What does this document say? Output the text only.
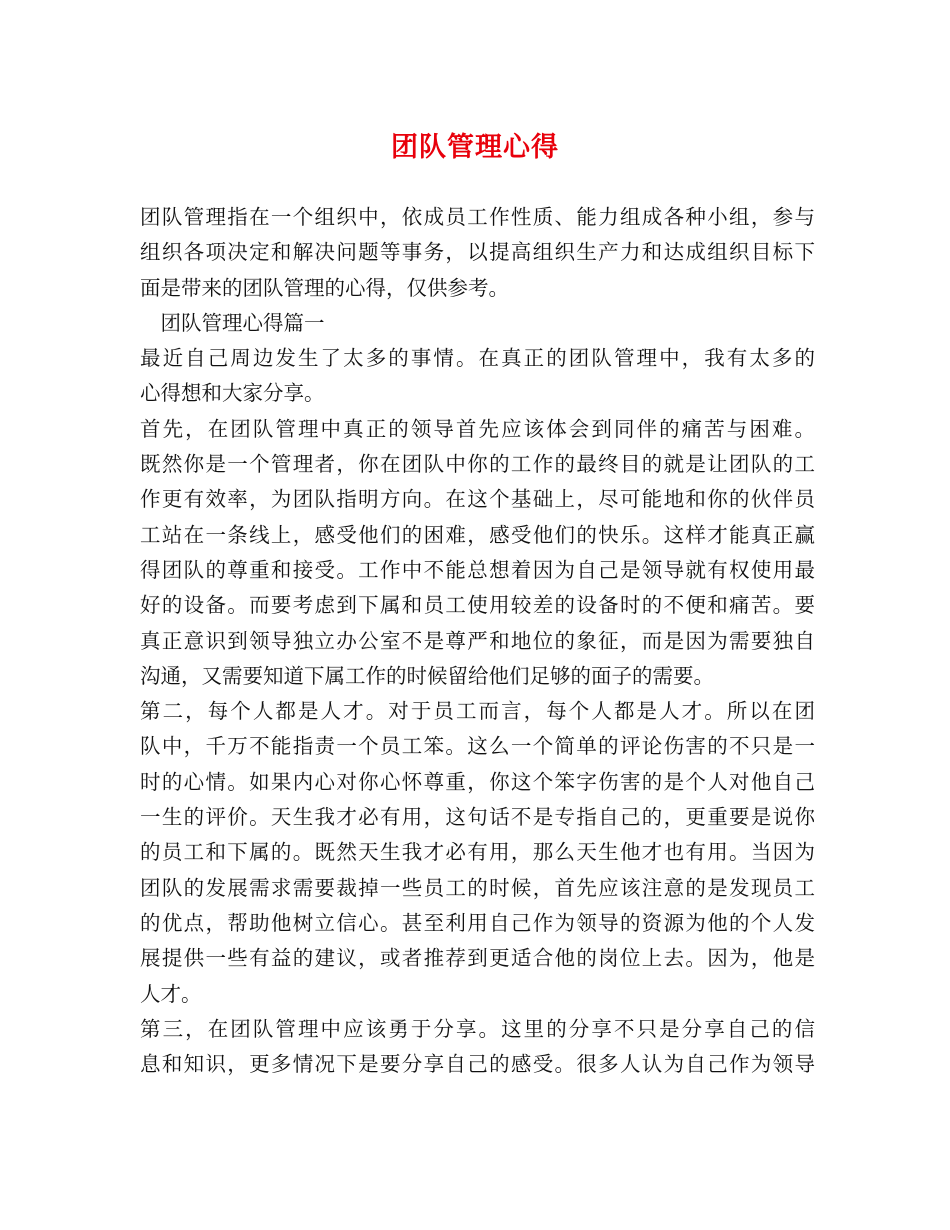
团队管理心得
团队管理指在一个组织中，依成员工作性质、能力组成各种小组，参与
组织各项决定和解决问题等事务，以提高组织生产力和达成组织目标下
面是带来的团队管理的心得，仅供参考。
　团队管理心得篇一
最近自己周边发生了太多的事情。在真正的团队管理中，我有太多的
心得想和大家分享。
首先，在团队管理中真正的领导首先应该体会到同伴的痛苦与困难。
既然你是一个管理者，你在团队中你的工作的最终目的就是让团队的工
作更有效率，为团队指明方向。在这个基础上，尽可能地和你的伙伴员
工站在一条线上，感受他们的困难，感受他们的快乐。这样才能真正赢
得团队的尊重和接受。工作中不能总想着因为自己是领导就有权使用最
好的设备。而要考虑到下属和员工使用较差的设备时的不便和痛苦。要
真正意识到领导独立办公室不是尊严和地位的象征，而是因为需要独自
沟通，又需要知道下属工作的时候留给他们足够的面子的需要。
第二，每个人都是人才。对于员工而言，每个人都是人才。所以在团
队中，千万不能指责一个员工笨。这么一个简单的评论伤害的不只是一
时的心情。如果内心对你心怀尊重，你这个笨字伤害的是个人对他自己
一生的评价。天生我才必有用，这句话不是专指自己的，更重要是说你
的员工和下属的。既然天生我才必有用，那么天生他才也有用。当因为
团队的发展需求需要裁掉一些员工的时候，首先应该注意的是发现员工
的优点，帮助他树立信心。甚至利用自己作为领导的资源为他的个人发
展提供一些有益的建议，或者推荐到更适合他的岗位上去。因为，他是
人才。
第三，在团队管理中应该勇于分享。这里的分享不只是分享自己的信
息和知识，更多情况下是要分享自己的感受。很多人认为自己作为领导
